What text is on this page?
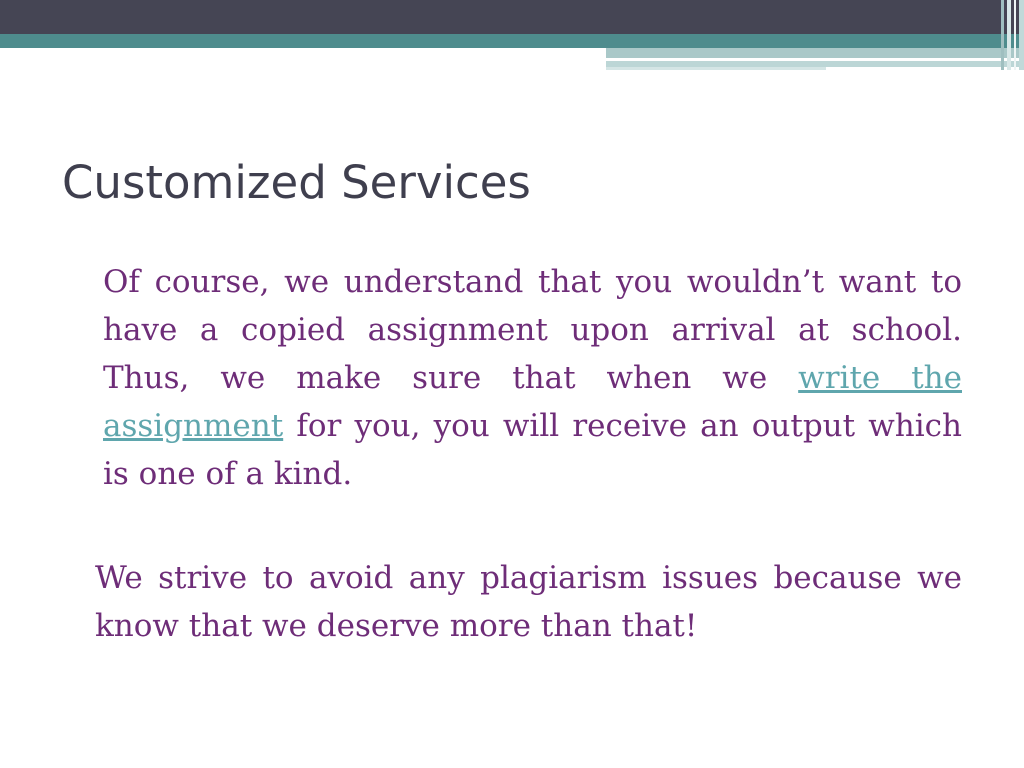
Customized Services

Of course, we understand that you wouldn’t want to have a copied assignment upon arrival at school. Thus, we make sure that when we write the assignment for you, you will receive an output which is one of a kind.

We strive to avoid any plagiarism issues because we know that we deserve more than that!
